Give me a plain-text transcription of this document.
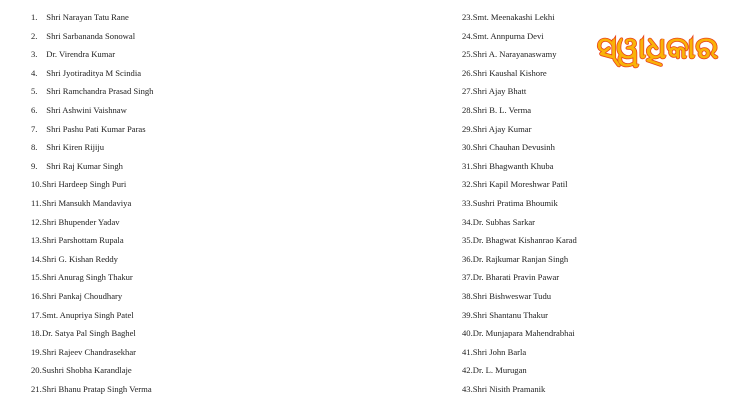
1. Shri Narayan Tatu Rane
2. Shri Sarbananda Sonowal
3. Dr. Virendra Kumar
4. Shri Jyotiraditya M Scindia
5. Shri Ramchandra Prasad Singh
6. Shri Ashwini Vaishnaw
7. Shri Pashu Pati Kumar Paras
8. Shri Kiren Rijiju
9. Shri Raj Kumar Singh
10.Shri Hardeep Singh Puri
11.Shri Mansukh Mandaviya
12.Shri Bhupender Yadav
13.Shri Parshottam Rupala
14.Shri G. Kishan Reddy
15.Shri Anurag Singh Thakur
16.Shri Pankaj Choudhary
17.Smt. Anupriya Singh Patel
18.Dr. Satya Pal Singh Baghel
19.Shri Rajeev Chandrasekhar
20.Sushri Shobha Karandlaje
21.Shri Bhanu Pratap Singh Verma
23.Smt. Meenakashi Lekhi
24.Smt. Annpurna Devi
25.Shri A. Narayanaswamy
26.Shri Kaushal Kishore
27.Shri Ajay Bhatt
28.Shri B. L. Verma
29.Shri Ajay Kumar
30.Shri Chauhan Devusinh
31.Shri Bhagwanth Khuba
32.Shri Kapil Moreshwar Patil
33.Sushri Pratima Bhoumik
34.Dr. Subhas Sarkar
35.Dr. Bhagwat Kishanrao Karad
36.Dr. Rajkumar Ranjan Singh
37.Dr. Bharati Pravin Pawar
38.Shri Bishweswar Tudu
39.Shri Shantanu Thakur
40.Dr. Munjapara Mahendrabhai
41.Shri John Barla
42.Dr. L. Murugan
43.Shri Nisith Pramanik
ସ୍ୱାଧିକାର
